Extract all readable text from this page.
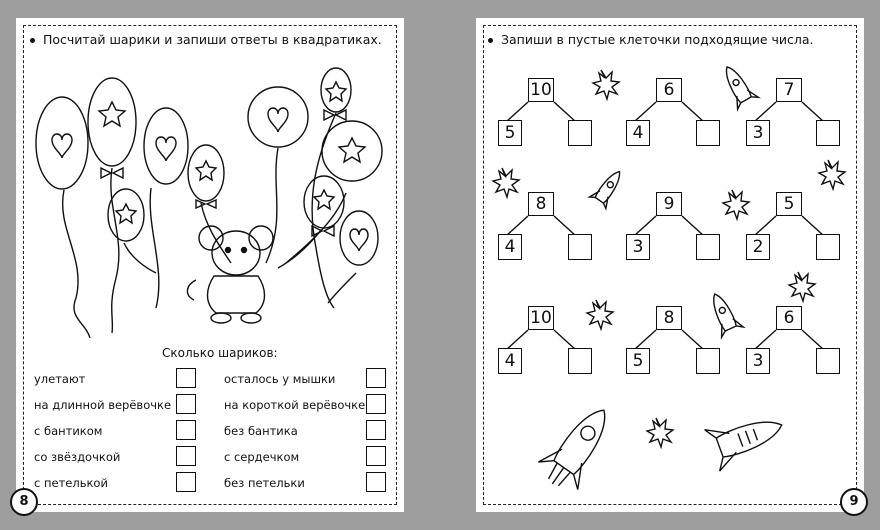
Посчитай шарики и запиши ответы в квадратиках.
Сколько шариков:
улетают
на длинной верёвочке
с бантиком
со звёздочкой
с петелькой
осталось у мышки
на короткой верёвочке
без бантика
с сердечком
без петельки
8
Запиши в пустые клеточки подходящие числа.
10
5
6
4
7
3
8
4
9
3
5
2
10
4
8
5
6
3
9
